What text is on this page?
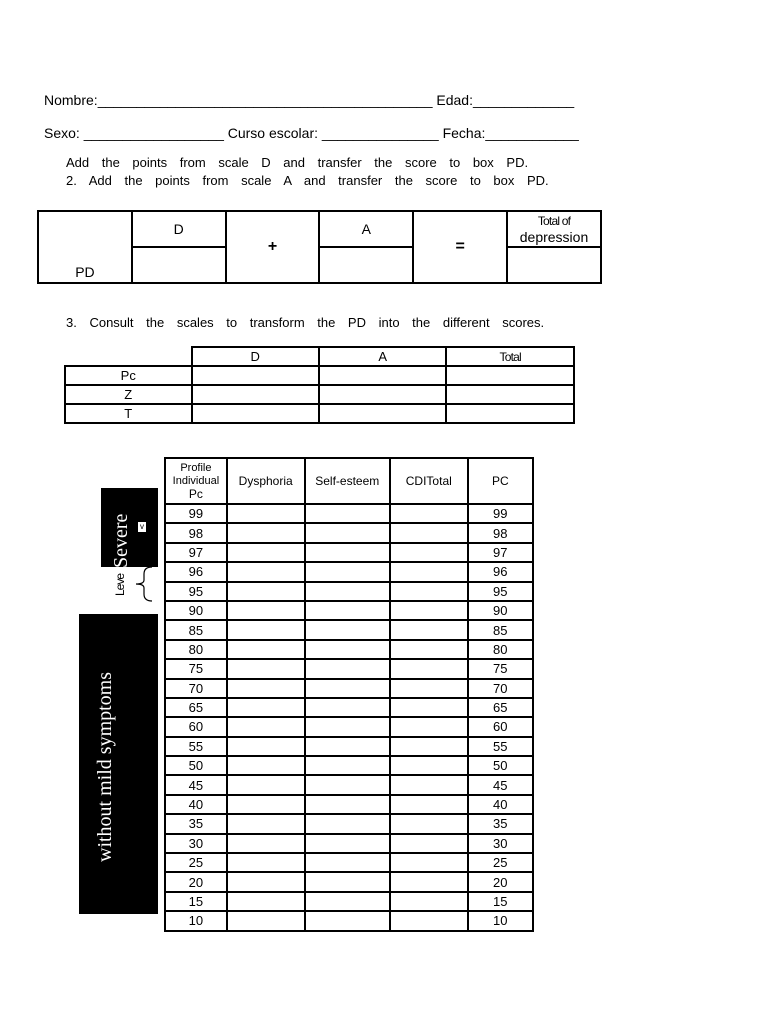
Nombre:___________________________________________ Edad:_____________
Sexo: __________________ Curso escolar: _______________ Fecha:____________
Add the points from scale D and transfer the score to box PD.
2. Add the points from scale A and transfer the score to box PD.
PD	D	+	A	=	Total of
depression

3. Consult the scales to transform the PD into the different scores.
	D	A	Total
Pc			
Z			
T			
Severe v
Leve
without mild symptoms
Profile
Individual
Pc	Dysphoria	Self-esteem	CDITotal	PC
99				99
98				98
97				97
96				96
95				95
90				90
85				85
80				80
75				75
70				70
65				65
60				60
55				55
50				50
45				45
40				40
35				35
30				30
25				25
20				20
15				15
10				10
